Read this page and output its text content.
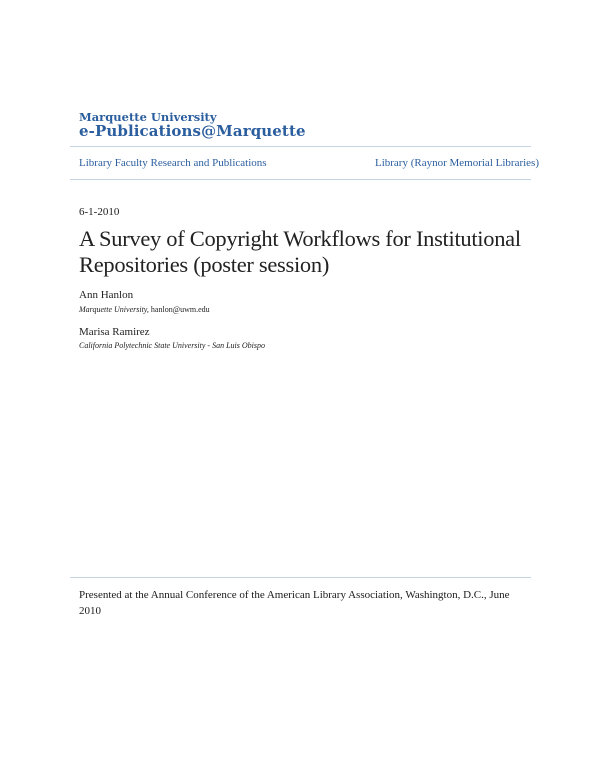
Marquette University
e-Publications@Marquette
Library Faculty Research and Publications	Library (Raynor Memorial Libraries)
6-1-2010
A Survey of Copyright Workflows for Institutional Repositories (poster session)
Ann Hanlon
Marquette University, hanlon@uwm.edu
Marisa Ramirez
California Polytechnic State University - San Luis Obispo
Presented at the Annual Conference of the American Library Association, Washington, D.C., June 2010
